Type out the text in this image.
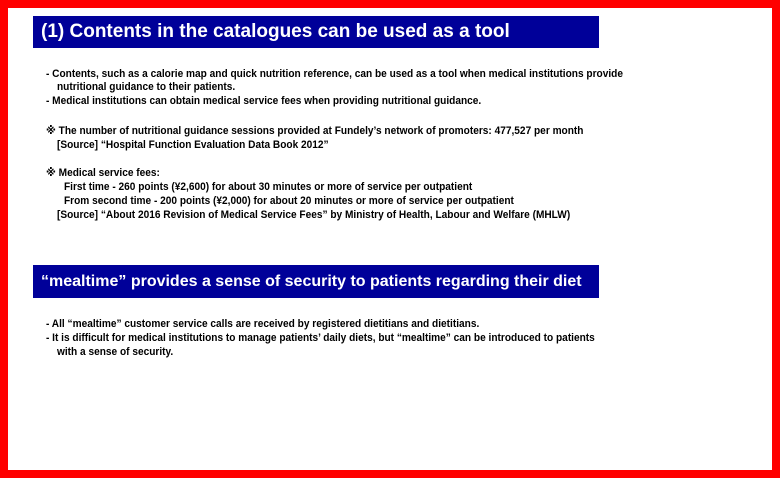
(1) Contents in the catalogues can be used as a tool
- Contents, such as a calorie map and quick nutrition reference, can be used as a tool when medical institutions provide
nutritional guidance to their patients.
- Medical institutions can obtain medical service fees when providing nutritional guidance.
※ The number of nutritional guidance sessions provided at Fundely’s network of promoters: 477,527 per month
[Source] “Hospital Function Evaluation Data Book 2012”
※ Medical service fees:
First time - 260 points (¥2,600) for about 30 minutes or more of service per outpatient
From second time - 200 points (¥2,000) for about 20 minutes or more of service per outpatient
[Source] “About 2016 Revision of Medical Service Fees” by Ministry of Health, Labour and Welfare (MHLW)
“mealtime” provides a sense of security to patients regarding their diet
- All “mealtime” customer service calls are received by registered dietitians and dietitians.
- It is difficult for medical institutions to manage patients’ daily diets, but “mealtime” can be introduced to patients
with a sense of security.
